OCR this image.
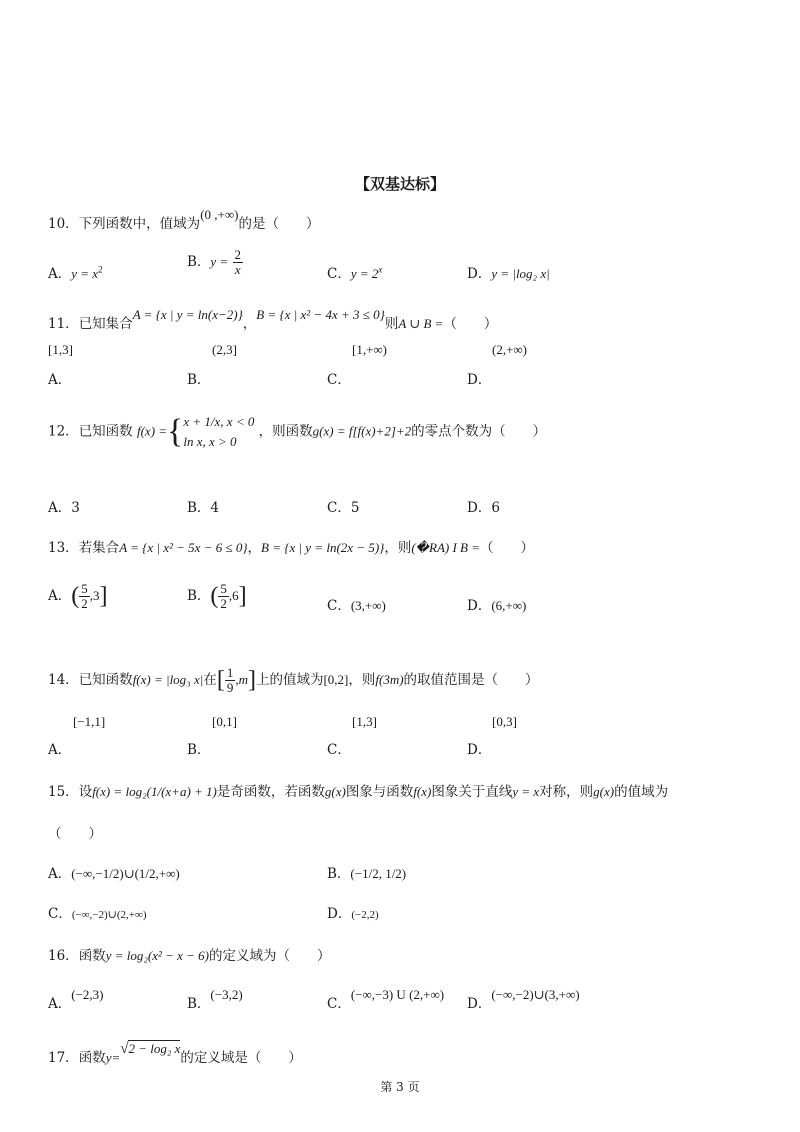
【双基达标】
10．下列函数中，值域为(0 ,+∞)的是（　　）
A．$y = x^2$	B．$y = \frac{2}{x}$	C．$y = 2^x$	D．y = |log₂ x|
11．已知集合A = {x | y = ln(x−2)}，B = {x | x² − 4x + 3 ≤ 0}则A ∪ B =（　　）
[1,3]
A．
(2,3]
B．
[1,+∞)
C．
(2,+∞)
D．
12．已知函数 f(x) ={ x + 1/x, x < 0
ln x, x > 0
，则函数g(x) = f[f(x)+2]+2的零点个数为（　　）
A．3	B．4	C．5	D．6
13．若集合A = {x | x² − 5x − 6 ≤ 0}，B = {x | y = ln(2x − 5)}，则(�RA) I B =（　　）
A．( $\frac{5}{2} ,3$]	B．( $\frac{5}{2} ,6$]	C．(3,+∞)	D．(6,+∞)
14．已知函数f(x) = |log₃ x|在[ $\frac{1}{9} ,m$]上的值域为[0,2]，则f(3m)的取值范围是（　　）
[−1,1]
A．
[0,1]
B．
[1,3]
C．
[0,3]
D．
15．设f(x) = log₂(1/(x+a) + 1)是奇函数，若函数g(x)图象与函数f(x)图象关于直线y = x对称，则g(x)的值域为
（　　）
A．(−∞,−1/2)∪(1/2,+∞)	B．(−1/2, 1/2)
C．(−∞,−2)∪(2,+∞)	D．(−2,2)
16．函数y = log₂(x² − x − 6)的定义域为（　　）
A．(−2,3)
B．(−3,2)
C．(−∞,−3) U (2,+∞)
D．(−∞,−2)∪(3,+∞)
17．函数y=√2 − log₂ x的定义域是（　　）
第 3 页
